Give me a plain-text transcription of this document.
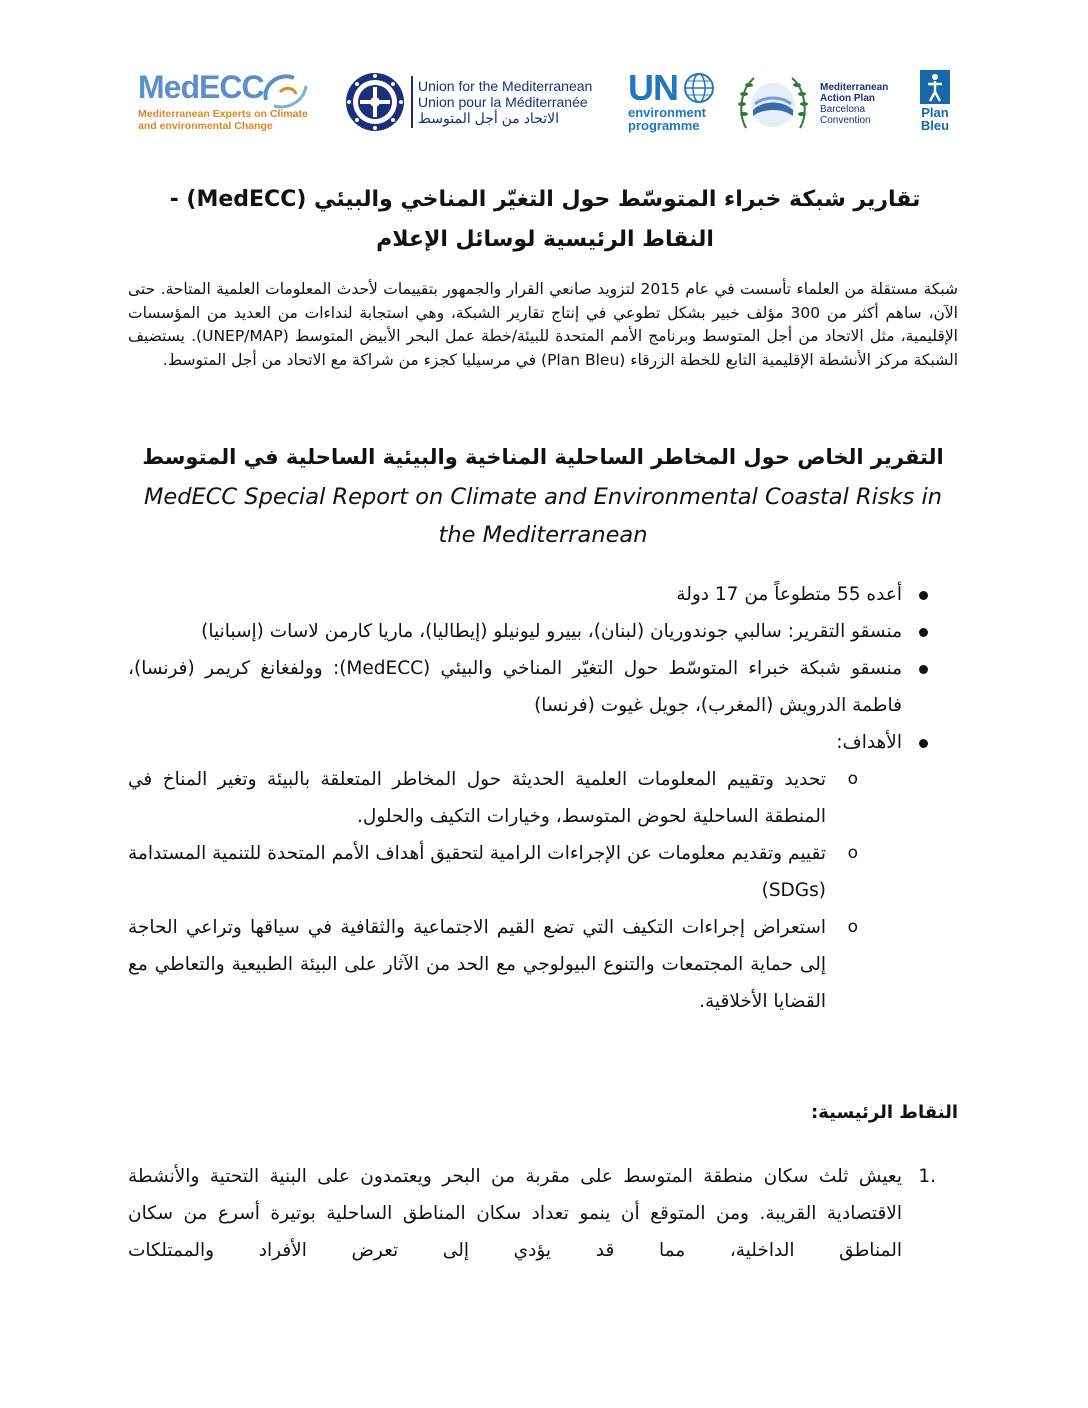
MedECC
Mediterranean Experts on Climate
and environmental Change
Union for the Mediterranean
Union pour la Méditerranée
الاتحاد من أجل المتوسط
UN
environment
programme
Mediterranean
Action Plan
Barcelona
Convention
Plan
Bleu
تقارير شبكة خبراء المتوسّط حول التغيّر المناخي والبيئي (MedECC) - النقاط الرئيسية لوسائل الإعلام
شبكة مستقلة من العلماء تأسست في عام 2015 لتزويد صانعي القرار والجمهور بتقييمات لأحدث المعلومات العلمية المتاحة. حتى الآن، ساهم أكثر من 300 مؤلف خبير بشكل تطوعي في إنتاج تقارير الشبكة، وهي استجابة لنداءات من العديد من المؤسسات الإقليمية، مثل الاتحاد من أجل المتوسط وبرنامج الأمم المتحدة للبيئة/خطة عمل البحر الأبيض المتوسط (UNEP/MAP). يستضيف الشبكة مركز الأنشطة الإقليمية التابع للخطة الزرقاء (Plan Bleu) في مرسيليا كجزء من شراكة مع الاتحاد من أجل المتوسط.
التقرير الخاص حول المخاطر الساحلية المناخية والبيئية الساحلية في المتوسط
MedECC Special Report on Climate and Environmental Coastal Risks in the Mediterranean
أعده 55 متطوعاً من 17 دولة
منسقو التقرير: سالبي جوندوريان (لبنان)، بييرو ليونيلو (إيطاليا)، ماريا كارمن لاسات (إسبانيا)
منسقو شبكة خبراء المتوسّط حول التغيّر المناخي والبيئي (MedECC): وولفغانغ كريمر (فرنسا)، فاطمة الدرويش (المغرب)، جويل غيوت (فرنسا)
الأهداف:
o
تحديد وتقييم المعلومات العلمية الحديثة حول المخاطر المتعلقة بالبيئة وتغير المناخ في المنطقة الساحلية لحوض المتوسط، وخيارات التكيف والحلول.
o
تقييم وتقديم معلومات عن الإجراءات الرامية لتحقيق أهداف الأمم المتحدة للتنمية المستدامة (SDGs)
o
استعراض إجراءات التكيف التي تضع القيم الاجتماعية والثقافية في سياقها وتراعي الحاجة إلى حماية المجتمعات والتنوع البيولوجي مع الحد من الآثار على البيئة الطبيعية والتعاطي مع القضايا الأخلاقية.
النقاط الرئيسية:
1.
يعيش ثلث سكان منطقة المتوسط على مقربة من البحر ويعتمدون على البنية التحتية والأنشطة الاقتصادية القريبة. ومن المتوقع أن ينمو تعداد سكان المناطق الساحلية بوتيرة أسرع من سكان المناطق الداخلية، مما قد يؤدي إلى تعرض الأفراد والممتلكات
